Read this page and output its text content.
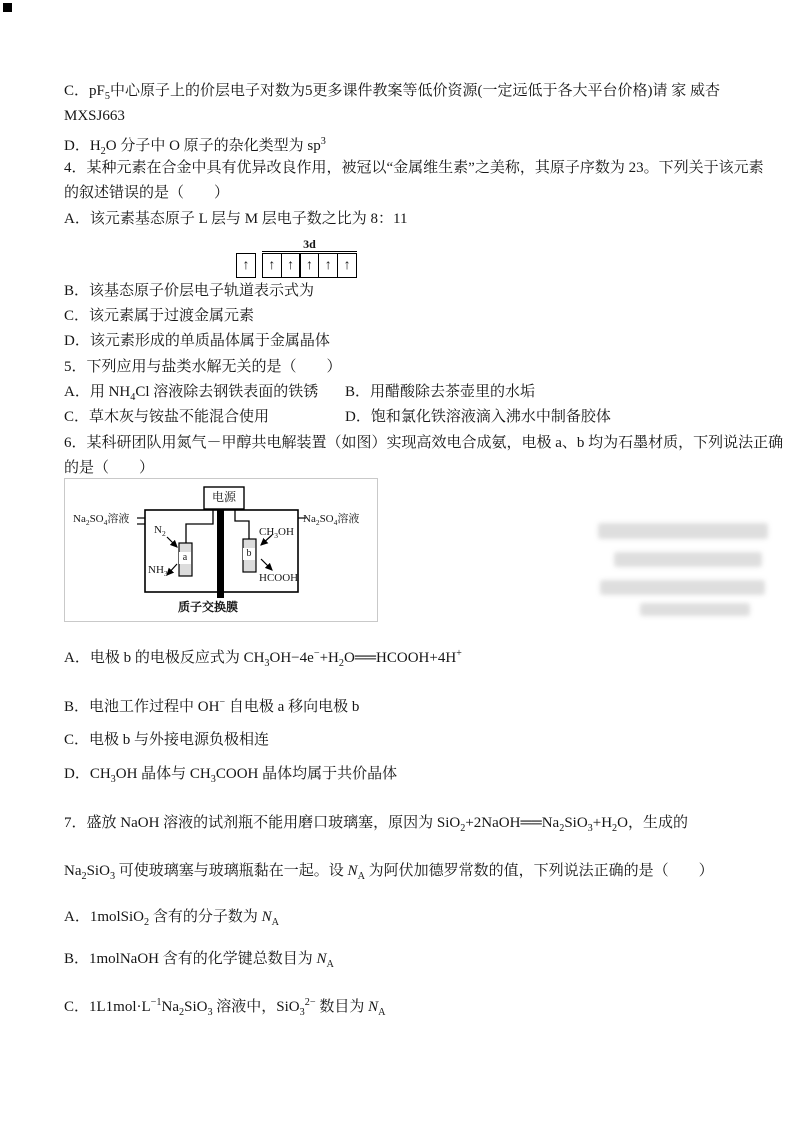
C．$pF_5$中心原子上的价层电子对数为5更多课件教案等低价资源(一定远低于各大平台价格)请 家 威杏
MXSJ663
D．$H_2O$ 分子中 O 原子的杂化类型为 $sp^3$
4．某种元素在合金中具有优异改良作用，被冠以“金属维生素”之美称，其原子序数为 23。下列关于该元素
的叙述错误的是（　　）
A．该元素基态原子 L 层与 M 层电子数之比为 8：11
3d
↑	↑ ↑ ↑ ↑ ↑
B．该基态原子价层电子轨道表示式为
C．该元素属于过渡金属元素
D．该元素形成的单质晶体属于金属晶体
5．下列应用与盐类水解无关的是（　　）
A．用 $NH_4Cl$ 溶液除去钢铁表面的铁锈 B．用醋酸除去茶壶里的水垢
C．草木灰与铵盐不能混合使用	D．饱和氯化铁溶液滴入沸水中制备胶体
6．某科研团队用氮气－甲醇共电解装置（如图）实现高效电合成氨，电极 a、b 均为石墨材质，下列说法正确
的是（　　）
电源
$Na_2SO_4$溶液	$Na_2SO_4$溶液
$N_2$
$NH_3$
$CH_3OH$
HCOOH
a	b
质子交换膜
A．电极 b 的电极反应式为 $CH_3OH-4e^-+H_2O══HCOOH+4H^+$
B．电池工作过程中 OH− 自电极 a 移向电极 b
C．电极 b 与外接电源负极相连
D．$CH_3OH$ 晶体与 $CH_3COOH$ 晶体均属于共价晶体
7．盛放 NaOH 溶液的试剂瓶不能用磨口玻璃塞，原因为 $SiO_2+2NaOH══Na_2SiO_3+H_2O$，生成的
$Na_2SiO_3$ 可使玻璃塞与玻璃瓶黏在一起。设 $N_A$ 为阿伏加德罗常数的值，下列说法正确的是（　　）
A．1molSiO$_2$ 含有的分子数为 $N_A$
B．1molNaOH 含有的化学键总数目为 $N_A$
C．$1L1mol\cdot L^{-1}Na_2SiO_3$ 溶液中，SiO$_3^{2-}$ 数目为 $N_A$
